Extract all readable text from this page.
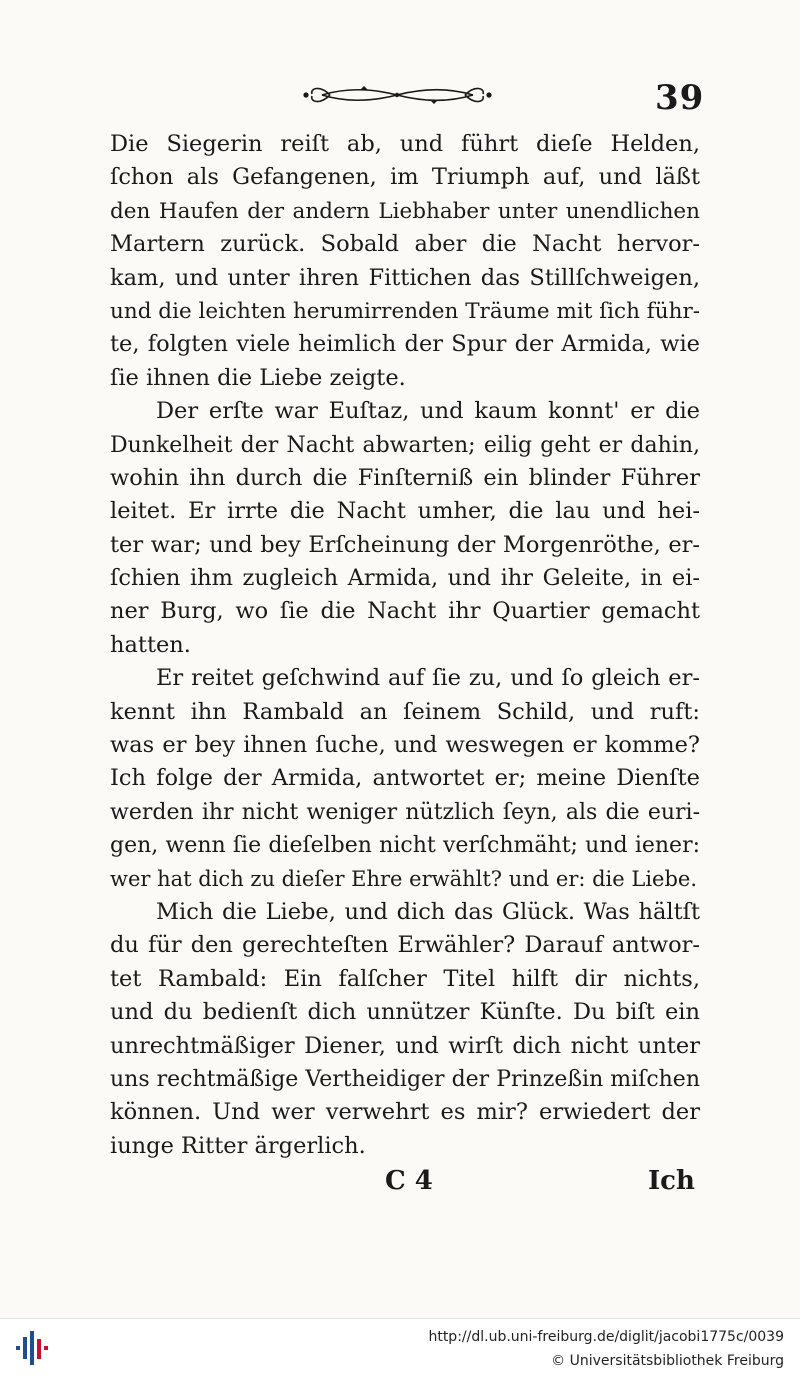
39
Die Siegerin reiſt ab, und führt dieſe Helden,
ſchon als Gefangenen, im Triumph auf, und läßt
den Haufen der andern Liebhaber unter unendlichen
Martern zurück. Sobald aber die Nacht hervor-
kam, und unter ihren Fittichen das Stillſchweigen,
und die leichten herumirrenden Träume mit ſich führ-
te, folgten viele heimlich der Spur der Armida, wie
ſie ihnen die Liebe zeigte.
Der erſte war Euſtaz, und kaum konnt' er die
Dunkelheit der Nacht abwarten; eilig geht er dahin,
wohin ihn durch die Finſterniß ein blinder Führer
leitet. Er irrte die Nacht umher, die lau und hei-
ter war; und bey Erſcheinung der Morgenröthe, er-
ſchien ihm zugleich Armida, und ihr Geleite, in ei-
ner Burg, wo ſie die Nacht ihr Quartier gemacht
hatten.
Er reitet geſchwind auf ſie zu, und ſo gleich er-
kennt ihn Rambald an ſeinem Schild, und ruft:
was er bey ihnen ſuche, und weswegen er komme?
Ich folge der Armida, antwortet er; meine Dienſte
werden ihr nicht weniger nützlich ſeyn, als die euri-
gen, wenn ſie dieſelben nicht verſchmäht; und iener:
wer hat dich zu dieſer Ehre erwählt? und er: die Liebe.
Mich die Liebe, und dich das Glück. Was hältſt
du für den gerechteſten Erwähler? Darauf antwor-
tet Rambald: Ein falſcher Titel hilft dir nichts,
und du bedienſt dich unnützer Künſte. Du biſt ein
unrechtmäßiger Diener, und wirſt dich nicht unter
uns rechtmäßige Vertheidiger der Prinzeßin miſchen
können. Und wer verwehrt es mir? erwiedert der
iunge Ritter ärgerlich.
C 4	Ich
http://dl.ub.uni-freiburg.de/diglit/jacobi1775c/0039
© Universitätsbibliothek Freiburg
